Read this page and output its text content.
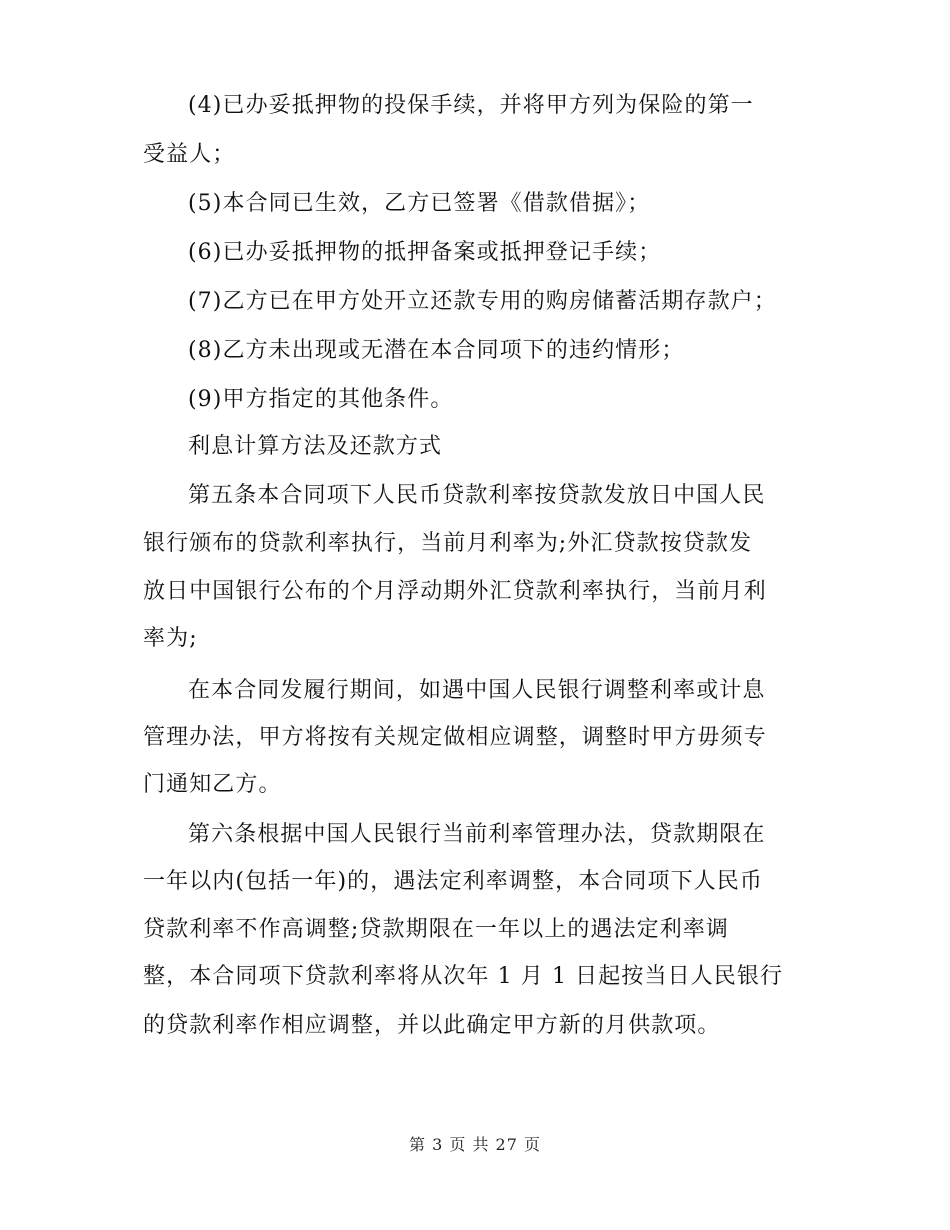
(4)已办妥抵押物的投保手续，并将甲方列为保险的第一
受益人；
(5)本合同已生效，乙方已签署《借款借据》；
(6)已办妥抵押物的抵押备案或抵押登记手续；
(7)乙方已在甲方处开立还款专用的购房储蓄活期存款户；
(8)乙方未出现或无潜在本合同项下的违约情形；
(9)甲方指定的其他条件。
利息计算方法及还款方式
第五条本合同项下人民币贷款利率按贷款发放日中国人民
银行颁布的贷款利率执行，当前月利率为;外汇贷款按贷款发
放日中国银行公布的个月浮动期外汇贷款利率执行，当前月利
率为;
在本合同发履行期间，如遇中国人民银行调整利率或计息
管理办法，甲方将按有关规定做相应调整，调整时甲方毋须专
门通知乙方。
第六条根据中国人民银行当前利率管理办法，贷款期限在
一年以内(包括一年)的，遇法定利率调整，本合同项下人民币
贷款利率不作高调整;贷款期限在一年以上的遇法定利率调
整，本合同项下贷款利率将从次年 1 月 1 日起按当日人民银行
的贷款利率作相应调整，并以此确定甲方新的月供款项。
第 3 页 共 27 页
